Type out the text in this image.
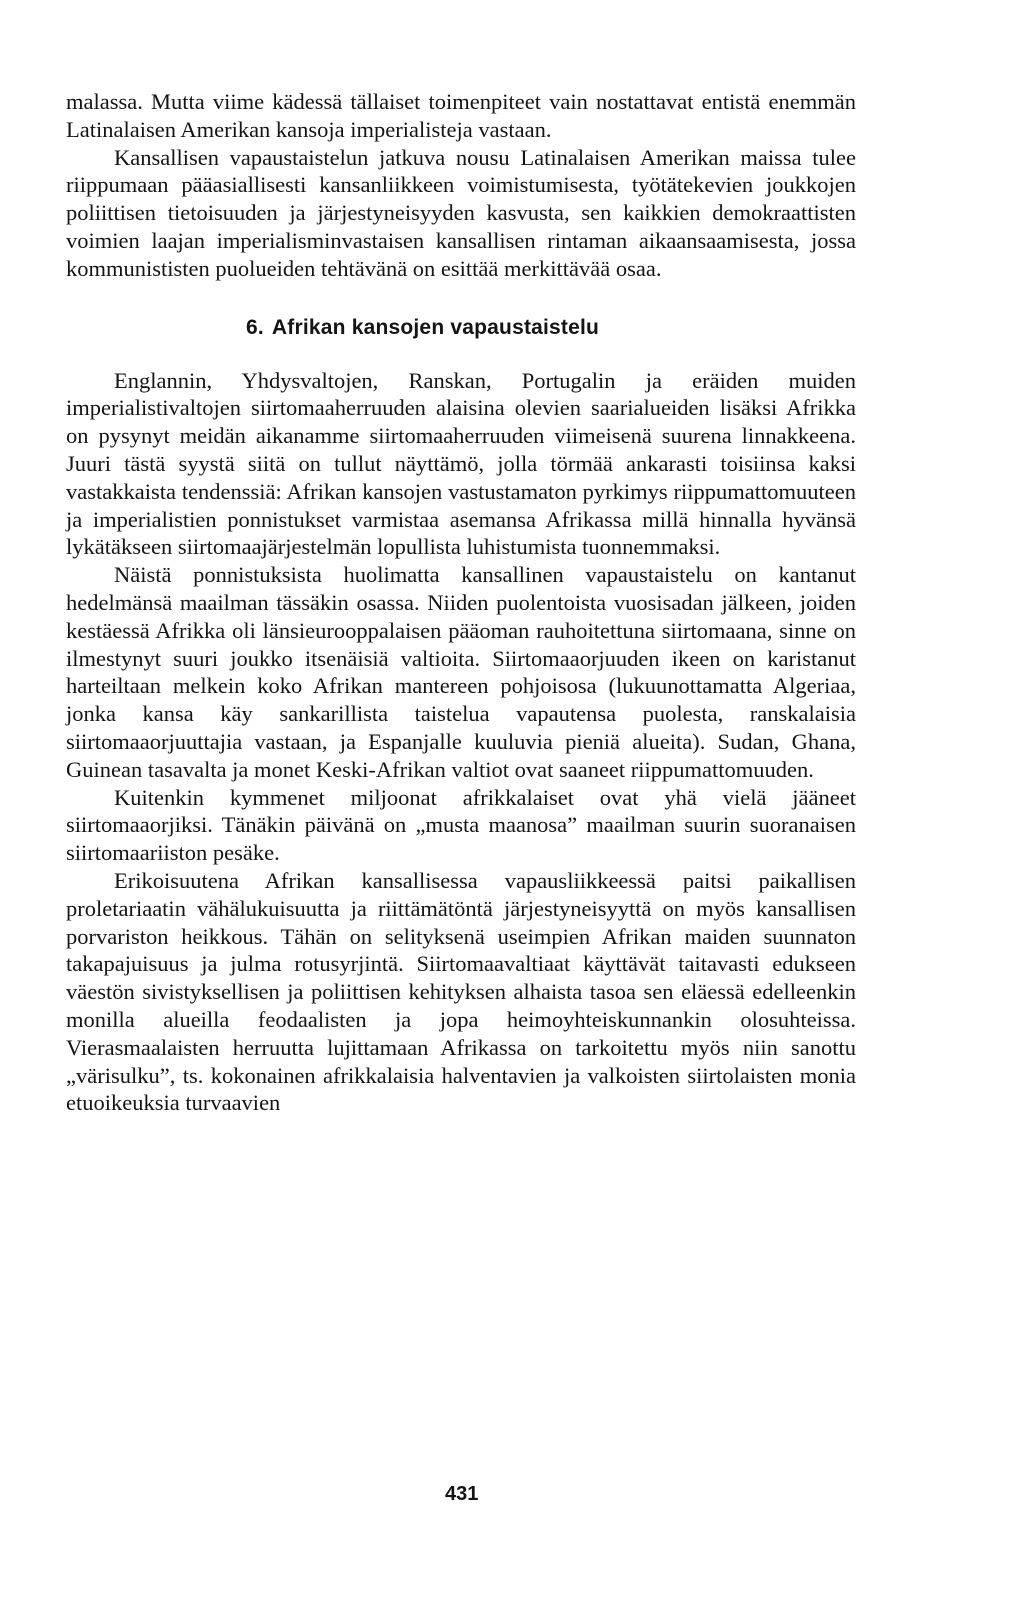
malassa. Mutta viime kädessä tällaiset toimenpiteet vain nostattavat entistä enemmän Latinalaisen Amerikan kansoja imperialisteja vastaan.

Kansallisen vapaustaistelun jatkuva nousu Latinalaisen Amerikan maissa tulee riippumaan pääasiallisesti kansanliikkeen voimistumisesta, työtätekevien joukkojen poliittisen tietoisuuden ja järjestyneisyyden kasvusta, sen kaikkien demokraattisten voimien laajan imperialisminvastaisen kansallisen rintaman aikaansaamisesta, jossa kommunististen puolueiden tehtävänä on esittää merkittävää osaa.

6. Afrikan kansojen vapaustaistelu

Englannin, Yhdysvaltojen, Ranskan, Portugalin ja eräiden muiden imperialistivaltojen siirtomaaherruuden alaisina olevien saarialueiden lisäksi Afrikka on pysynyt meidän aikanamme siirtomaaherruuden viimeisenä suurena linnakkeena. Juuri tästä syystä siitä on tullut näyttämö, jolla törmää ankarasti toisiinsa kaksi vastakkaista tendenssiä: Afrikan kansojen vastustamaton pyrkimys riippumattomuuteen ja imperialistien ponnistukset varmistaa asemansa Afrikassa millä hinnalla hyvänsä lykätäkseen siirtomaajärjestelmän lopullista luhistumista tuonnemmaksi.

Näistä ponnistuksista huolimatta kansallinen vapaustaistelu on kantanut hedelmänsä maailman tässäkin osassa. Niiden puolentoista vuosisadan jälkeen, joiden kestäessä Afrikka oli länsieurooppalaisen pääoman rauhoitettuna siirtomaana, sinne on ilmestynyt suuri joukko itsenäisiä valtioita. Siirtomaaorjuuden ikeen on karistanut harteiltaan melkein koko Afrikan mantereen pohjoisosa (lukuunottamatta Algeriaa, jonka kansa käy sankarillista taistelua vapautensa puolesta, ranskalaisia siirtomaaorjuuttajia vastaan, ja Espanjalle kuuluvia pieniä alueita). Sudan, Ghana, Guinean tasavalta ja monet Keski-Afrikan valtiot ovat saaneet riippumattomuuden.

Kuitenkin kymmenet miljoonat afrikkalaiset ovat yhä vielä jääneet siirtomaaorjiksi. Tänäkin päivänä on „musta maanosa” maailman suurin suoranaisen siirtomaariiston pesäke.

Erikoisuutena Afrikan kansallisessa vapausliikkeessä paitsi paikallisen proletariaatin vähälukuisuutta ja riittämätöntä järjestyneisyyttä on myös kansallisen porvariston heikkous. Tähän on selityksenä useimpien Afrikan maiden suunnaton takapajuisuus ja julma rotusyrjintä. Siirtomaavaltiaat käyttävät taitavasti edukseen väestön sivistyksellisen ja poliittisen kehityksen alhaista tasoa sen eläessä edelleenkin monilla alueilla feodaalisten ja jopa heimoyhteiskunnankin olosuhteissa. Vierasmaalaisten herruutta lujittamaan Afrikassa on tarkoitettu myös niin sanottu „värisulku”, ts. kokonainen afrikkalaisia halventavien ja valkoisten siirtolaisten monia etuoikeuksia turvaavien

431
